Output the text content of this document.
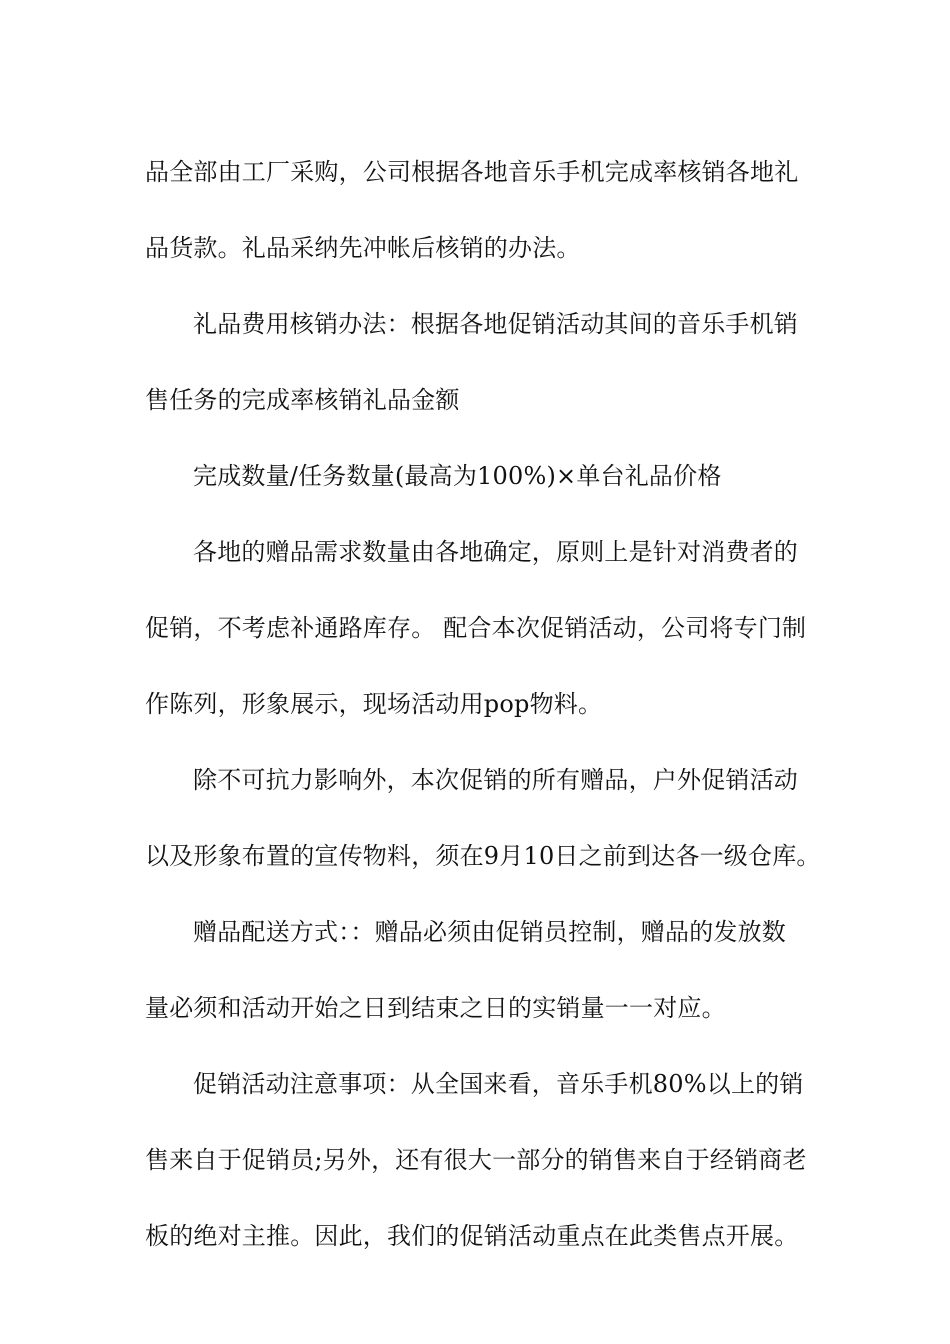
品全部由工厂采购，公司根据各地音乐手机完成率核销各地礼
品货款。礼品采纳先冲帐后核销的办法。

礼品费用核销办法：根据各地促销活动其间的音乐手机销
售任务的完成率核销礼品金额

完成数量/任务数量(最高为100%)×单台礼品价格

各地的赠品需求数量由各地确定，原则上是针对消费者的
促销，不考虑补通路库存。 配合本次促销活动，公司将专门制
作陈列，形象展示，现场活动用pop物料。

除不可抗力影响外，本次促销的所有赠品，户外促销活动
以及形象布置的宣传物料，须在9月10日之前到达各一级仓库。

赠品配送方式：：赠品必须由促销员控制，赠品的发放数
量必须和活动开始之日到结束之日的实销量一一对应。

促销活动注意事项：从全国来看，音乐手机80%以上的销
售来自于促销员;另外，还有很大一部分的销售来自于经销商老
板的绝对主推。因此，我们的促销活动重点在此类售点开展。
